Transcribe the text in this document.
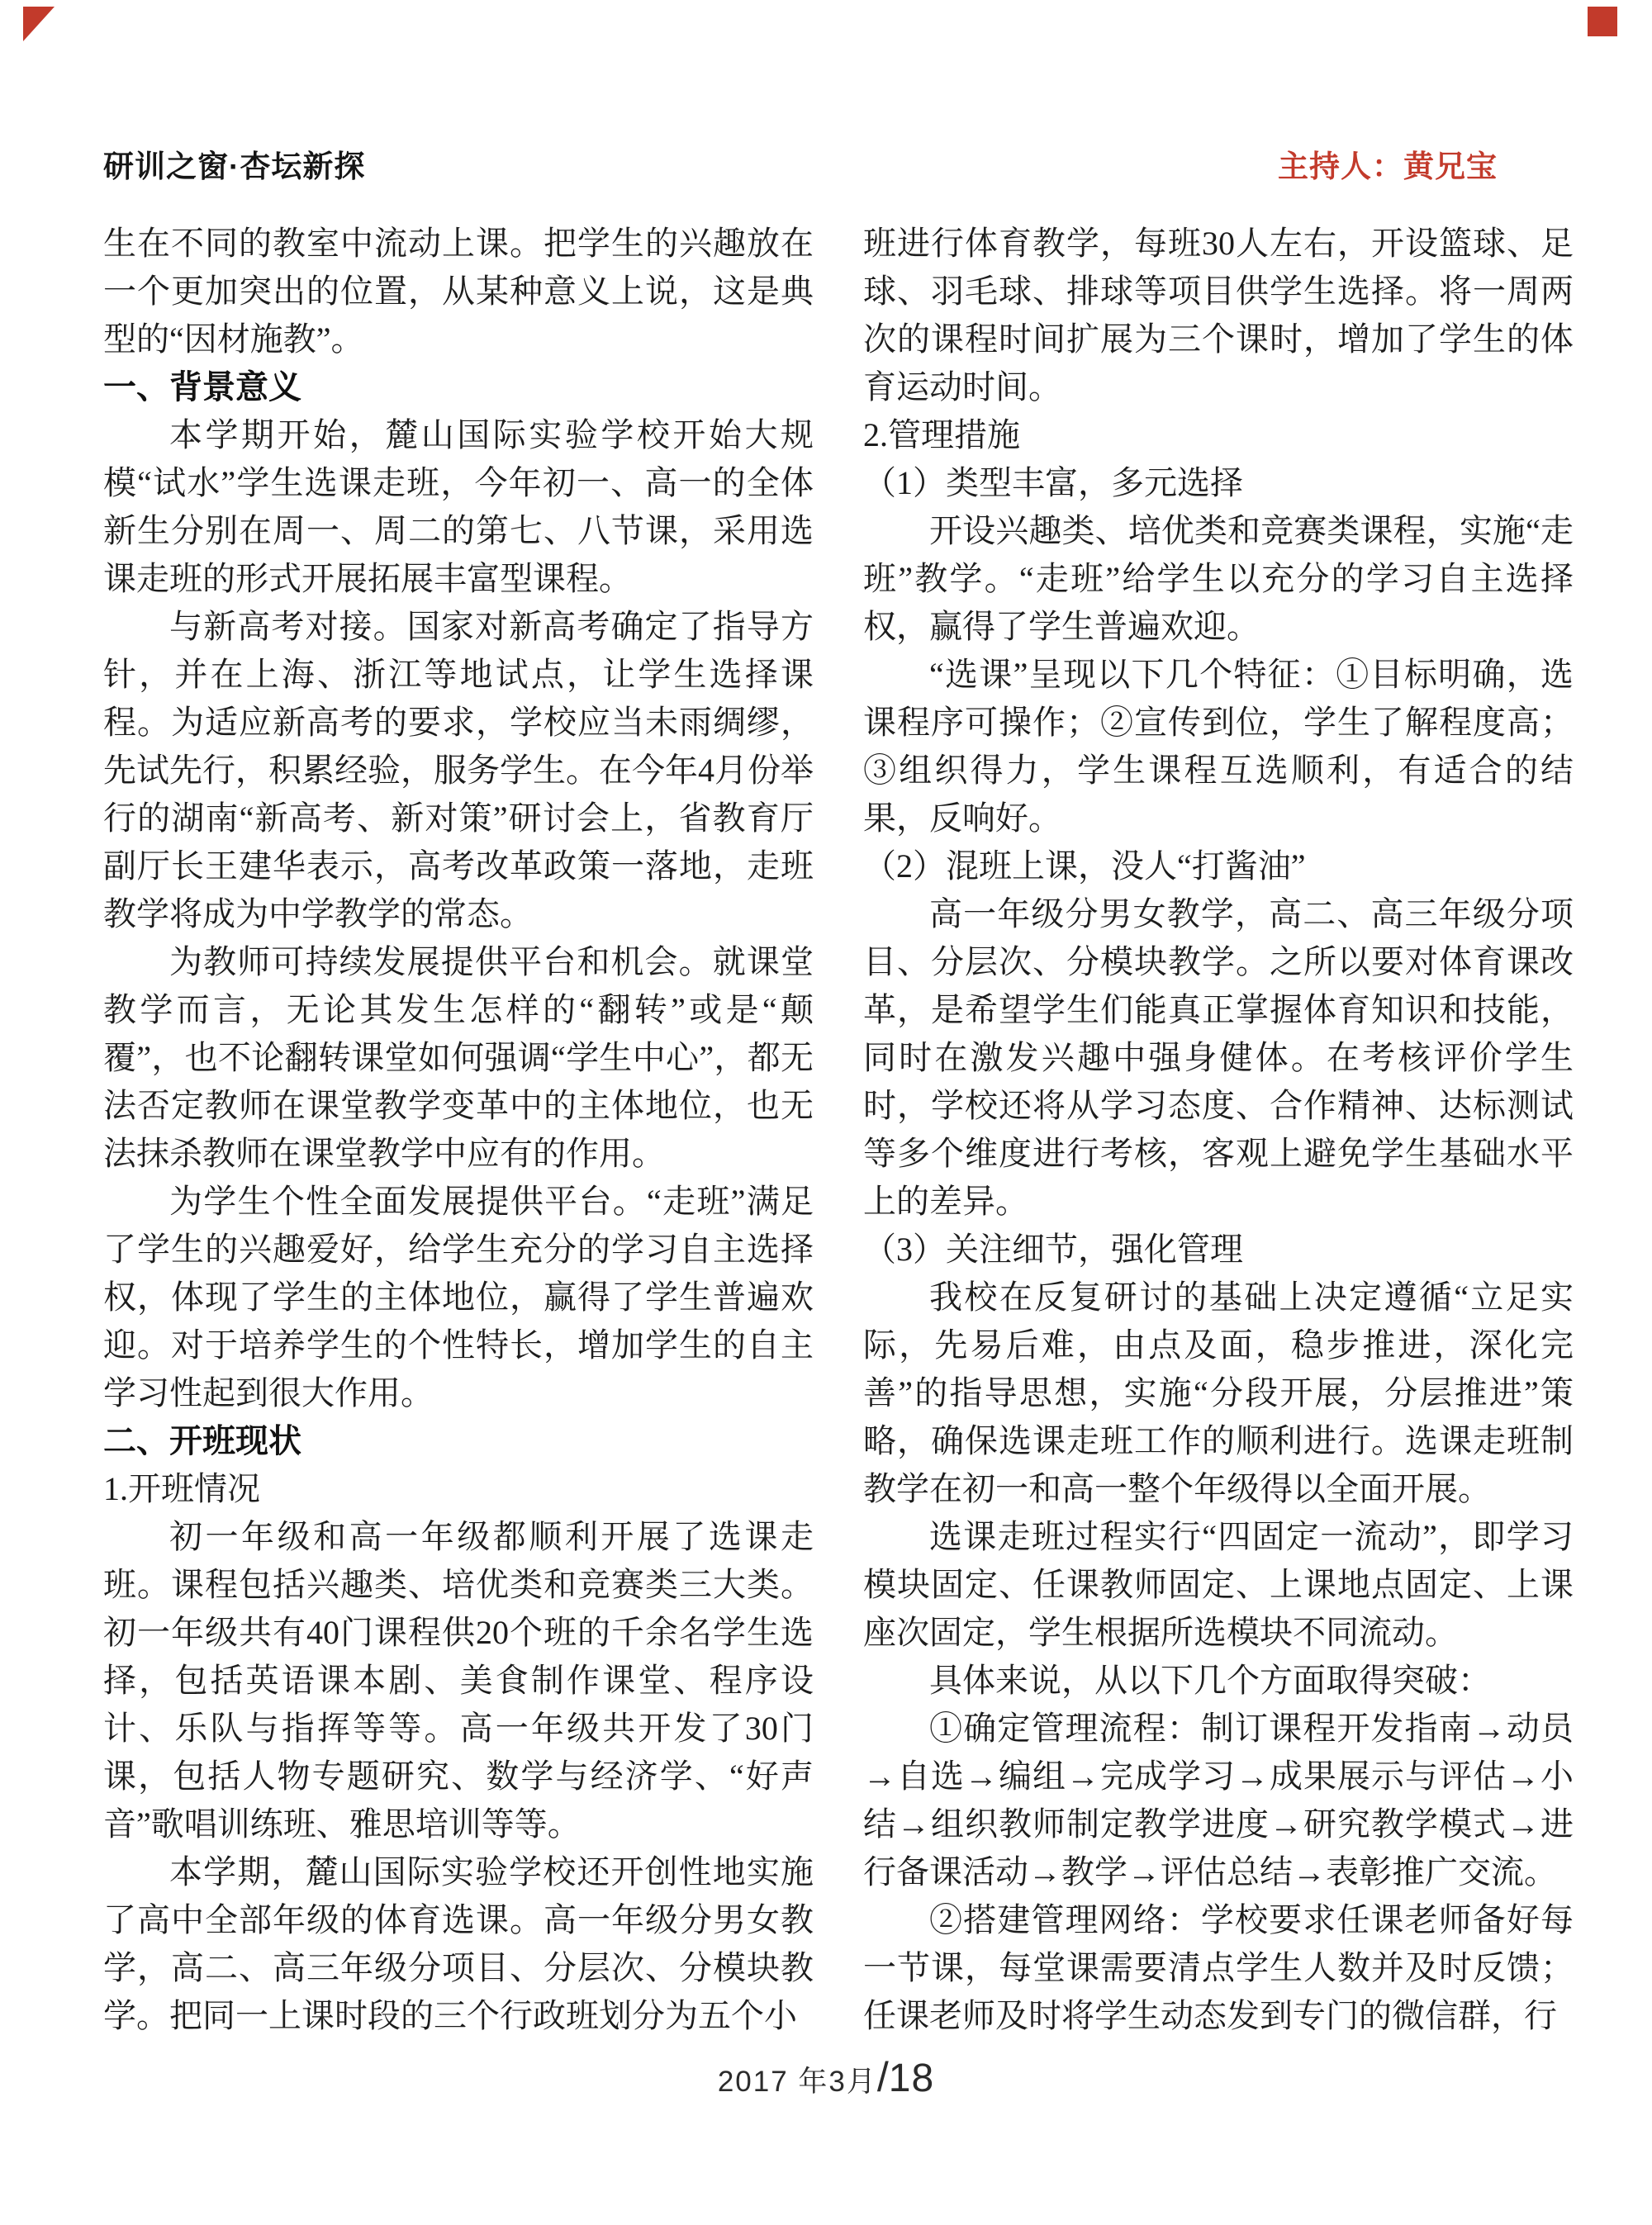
研训之窗·杏坛新探	主持人：黄兄宝

生在不同的教室中流动上课。把学生的兴趣放在一个更加突出的位置，从某种意义上说，这是典型的“因材施教”。

一、背景意义

本学期开始，麓山国际实验学校开始大规模“试水”学生选课走班，今年初一、高一的全体新生分别在周一、周二的第七、八节课，采用选课走班的形式开展拓展丰富型课程。

与新高考对接。国家对新高考确定了指导方针，并在上海、浙江等地试点，让学生选择课程。为适应新高考的要求，学校应当未雨绸缪，先试先行，积累经验，服务学生。在今年4月份举行的湖南“新高考、新对策”研讨会上，省教育厅副厅长王建华表示，高考改革政策一落地，走班教学将成为中学教学的常态。

为教师可持续发展提供平台和机会。就课堂教学而言，无论其发生怎样的“翻转”或是“颠覆”，也不论翻转课堂如何强调“学生中心”，都无法否定教师在课堂教学变革中的主体地位，也无法抹杀教师在课堂教学中应有的作用。

为学生个性全面发展提供平台。“走班”满足了学生的兴趣爱好，给学生充分的学习自主选择权，体现了学生的主体地位，赢得了学生普遍欢迎。对于培养学生的个性特长，增加学生的自主学习性起到很大作用。

二、开班现状

1.开班情况

初一年级和高一年级都顺利开展了选课走班。课程包括兴趣类、培优类和竞赛类三大类。初一年级共有40门课程供20个班的千余名学生选择，包括英语课本剧、美食制作课堂、程序设计、乐队与指挥等等。高一年级共开发了30门课，包括人物专题研究、数学与经济学、“好声音”歌唱训练班、雅思培训等等。

本学期，麓山国际实验学校还开创性地实施了高中全部年级的体育选课。高一年级分男女教学，高二、高三年级分项目、分层次、分模块教学。把同一上课时段的三个行政班划分为五个小

班进行体育教学，每班30人左右，开设篮球、足球、羽毛球、排球等项目供学生选择。将一周两次的课程时间扩展为三个课时，增加了学生的体育运动时间。

2.管理措施

（1）类型丰富，多元选择

开设兴趣类、培优类和竞赛类课程，实施“走班”教学。“走班”给学生以充分的学习自主选择权，赢得了学生普遍欢迎。

“选课”呈现以下几个特征：①目标明确，选课程序可操作；②宣传到位，学生了解程度高；③组织得力，学生课程互选顺利，有适合的结果，反响好。

（2）混班上课，没人“打酱油”

高一年级分男女教学，高二、高三年级分项目、分层次、分模块教学。之所以要对体育课改革，是希望学生们能真正掌握体育知识和技能，同时在激发兴趣中强身健体。在考核评价学生时，学校还将从学习态度、合作精神、达标测试等多个维度进行考核，客观上避免学生基础水平上的差异。

（3）关注细节，强化管理

我校在反复研讨的基础上决定遵循“立足实际，先易后难，由点及面，稳步推进，深化完善”的指导思想，实施“分段开展，分层推进”策略，确保选课走班工作的顺利进行。选课走班制教学在初一和高一整个年级得以全面开展。

选课走班过程实行“四固定一流动”，即学习模块固定、任课教师固定、上课地点固定、上课座次固定，学生根据所选模块不同流动。

具体来说，从以下几个方面取得突破：

①确定管理流程：制订课程开发指南→动员→自选→编组→完成学习→成果展示与评估→小结→组织教师制定教学进度→研究教学模式→进行备课活动→教学→评估总结→表彰推广交流。

②搭建管理网络：学校要求任课老师备好每一节课，每堂课需要清点学生人数并及时反馈；任课老师及时将学生动态发到专门的微信群，行

2017 年3月/18
